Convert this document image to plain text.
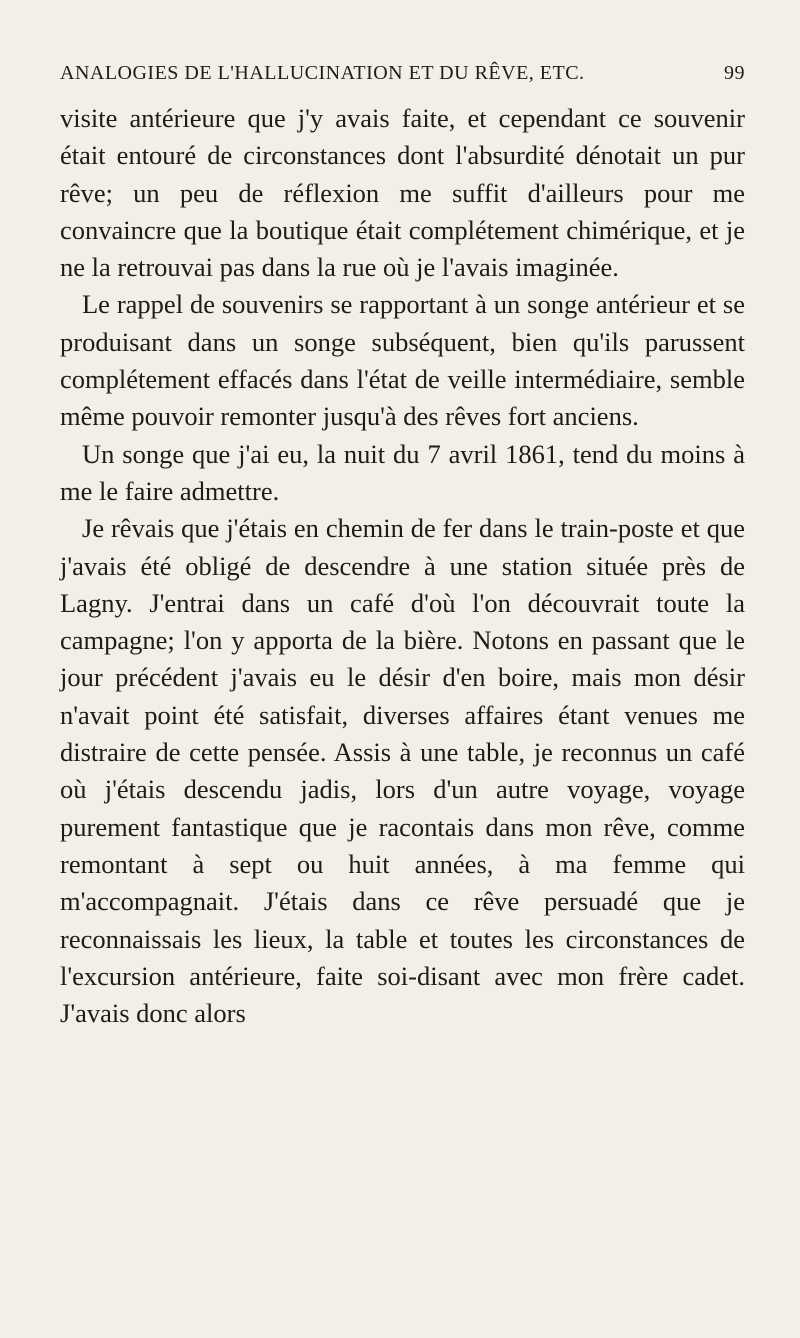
ANALOGIES DE L'HALLUCINATION ET DU RÊVE, ETC.	99

visite antérieure que j'y avais faite, et cependant ce souvenir était entouré de circonstances dont l'absurdité dénotait un pur rêve; un peu de réflexion me suffit d'ailleurs pour me convaincre que la boutique était complétement chimérique, et je ne la retrouvai pas dans la rue où je l'avais imaginée.

Le rappel de souvenirs se rapportant à un songe antérieur et se produisant dans un songe subséquent, bien qu'ils parussent complétement effacés dans l'état de veille intermédiaire, semble même pouvoir remonter jusqu'à des rêves fort anciens.

Un songe que j'ai eu, la nuit du 7 avril 1861, tend du moins à me le faire admettre.

Je rêvais que j'étais en chemin de fer dans le train-poste et que j'avais été obligé de descendre à une station située près de Lagny. J'entrai dans un café d'où l'on découvrait toute la campagne; l'on y apporta de la bière. Notons en passant que le jour précédent j'avais eu le désir d'en boire, mais mon désir n'avait point été satisfait, diverses affaires étant venues me distraire de cette pensée. Assis à une table, je reconnus un café où j'étais descendu jadis, lors d'un autre voyage, voyage purement fantastique que je racontais dans mon rêve, comme remontant à sept ou huit années, à ma femme qui m'accompagnait. J'étais dans ce rêve persuadé que je reconnaissais les lieux, la table et toutes les circonstances de l'excursion antérieure, faite soi-disant avec mon frère cadet. J'avais donc alors
